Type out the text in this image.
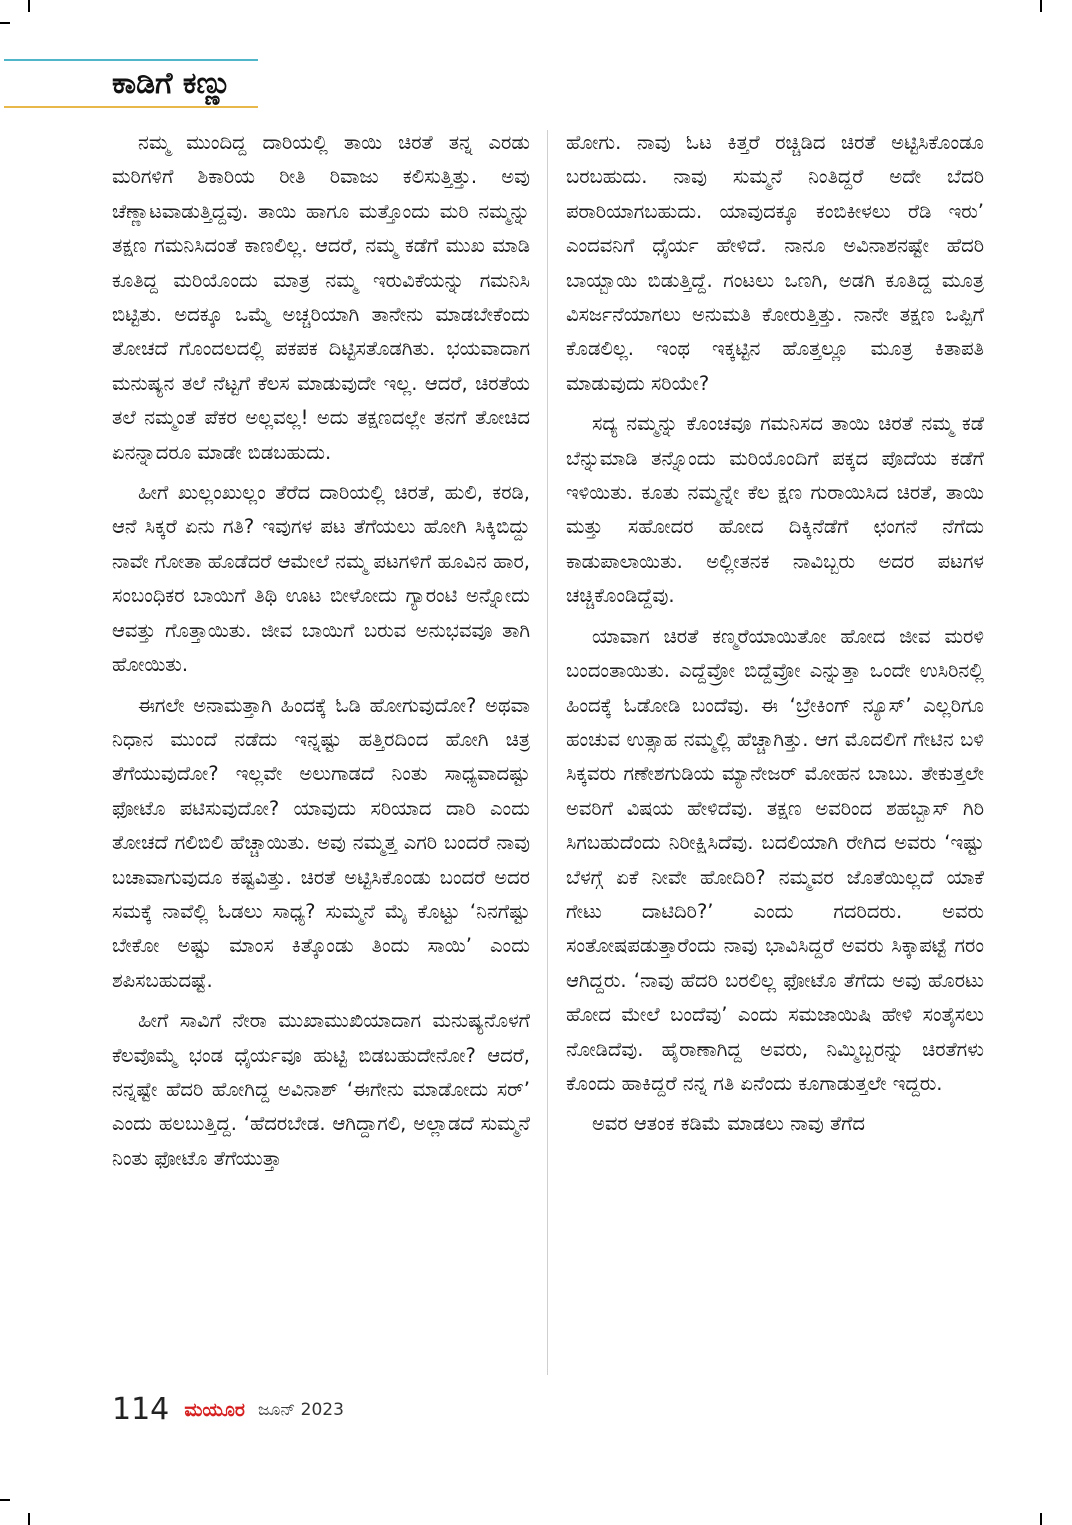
ಕಾಡಿಗೆ ಕಣ್ಣು

ನಮ್ಮ ಮುಂದಿದ್ದ ದಾರಿಯಲ್ಲಿ ತಾಯಿ ಚಿರತೆ ತನ್ನ ಎರಡು ಮರಿಗಳಿಗೆ ಶಿಕಾರಿಯ ರೀತಿ ರಿವಾಜು ಕಲಿಸುತ್ತಿತ್ತು. ಅವು ಚೆಣ್ಣಾಟವಾಡುತ್ತಿದ್ದವು. ತಾಯಿ ಹಾಗೂ ಮತ್ತೊಂದು ಮರಿ ನಮ್ಮನ್ನು ತಕ್ಷಣ ಗಮನಿಸಿದಂತೆ ಕಾಣಲಿಲ್ಲ. ಆದರೆ, ನಮ್ಮ ಕಡೆಗೆ ಮುಖ ಮಾಡಿ ಕೂತಿದ್ದ ಮರಿಯೊಂದು ಮಾತ್ರ ನಮ್ಮ ಇರುವಿಕೆಯನ್ನು ಗಮನಿಸಿ ಬಿಟ್ಟಿತು. ಅದಕ್ಕೂ ಒಮ್ಮೆ ಅಚ್ಚರಿಯಾಗಿ ತಾನೇನು ಮಾಡಬೇಕೆಂದು ತೋಚದೆ ಗೊಂದಲದಲ್ಲಿ ಪಕಪಕ ದಿಟ್ಟಿಸತೊಡಗಿತು. ಭಯವಾದಾಗ ಮನುಷ್ಯನ ತಲೆ ನೆಟ್ಟಗೆ ಕೆಲಸ ಮಾಡುವುದೇ ಇಲ್ಲ. ಆದರೆ, ಚಿರತೆಯ ತಲೆ ನಮ್ಮಂತೆ ಪೆಕರ ಅಲ್ಲವಲ್ಲ! ಅದು ತಕ್ಷಣದಲ್ಲೇ ತನಗೆ ತೋಚಿದ ಏನನ್ನಾದರೂ ಮಾಡೇ ಬಿಡಬಹುದು.

ಹೀಗೆ ಖುಲ್ಲಂಖುಲ್ಲಂ ತೆರೆದ ದಾರಿಯಲ್ಲಿ ಚಿರತೆ, ಹುಲಿ, ಕರಡಿ, ಆನೆ ಸಿಕ್ಕರೆ ಏನು ಗತಿ? ಇವುಗಳ ಪಟ ತೆಗೆಯಲು ಹೋಗಿ ಸಿಕ್ಕಿಬಿದ್ದು ನಾವೇ ಗೋತಾ ಹೊಡೆದರೆ ಆಮೇಲೆ ನಮ್ಮ ಪಟಗಳಿಗೆ ಹೂವಿನ ಹಾರ, ಸಂಬಂಧಿಕರ ಬಾಯಿಗೆ ತಿಥಿ ಊಟ ಬೀಳೋದು ಗ್ಯಾರಂಟಿ ಅನ್ನೋದು ಆವತ್ತು ಗೊತ್ತಾಯಿತು. ಜೀವ ಬಾಯಿಗೆ ಬರುವ ಅನುಭವವೂ ತಾಗಿ ಹೋಯಿತು.

ಈಗಲೇ ಅನಾಮತ್ತಾಗಿ ಹಿಂದಕ್ಕೆ ಓಡಿ ಹೋಗುವುದೋ? ಅಥವಾ ನಿಧಾನ ಮುಂದೆ ನಡೆದು ಇನ್ನಷ್ಟು ಹತ್ತಿರದಿಂದ ಹೋಗಿ ಚಿತ್ರ ತೆಗೆಯುವುದೋ? ಇಲ್ಲವೇ ಅಲುಗಾಡದೆ ನಿಂತು ಸಾಧ್ಯವಾದಷ್ಟು ಫೋಟೊ ಪಟಿಸುವುದೋ? ಯಾವುದು ಸರಿಯಾದ ದಾರಿ ಎಂದು ತೋಚದೆ ಗಲಿಬಿಲಿ ಹೆಚ್ಚಾಯಿತು. ಅವು ನಮ್ಮತ್ತ ಎಗರಿ ಬಂದರೆ ನಾವು ಬಚಾವಾಗುವುದೂ ಕಷ್ಟವಿತ್ತು. ಚಿರತೆ ಅಟ್ಟಿಸಿಕೊಂಡು ಬಂದರೆ ಅದರ ಸಮಕ್ಕೆ ನಾವೆಲ್ಲಿ ಓಡಲು ಸಾಧ್ಯ? ಸುಮ್ಮನೆ ಮೈ ಕೊಟ್ಟು ‘ನಿನಗೆಷ್ಟು ಬೇಕೋ ಅಷ್ಟು ಮಾಂಸ ಕಿತ್ಕೊಂಡು ತಿಂದು ಸಾಯಿ’ ಎಂದು ಶಪಿಸಬಹುದಷ್ಟೆ.

ಹೀಗೆ ಸಾವಿಗೆ ನೇರಾ ಮುಖಾಮುಖಿಯಾದಾಗ ಮನುಷ್ಯನೊಳಗೆ ಕೆಲವೊಮ್ಮೆ ಭಂಡ ಧೈರ್ಯವೂ ಹುಟ್ಟಿ ಬಿಡಬಹುದೇನೋ? ಆದರೆ, ನನ್ನಷ್ಟೇ ಹೆದರಿ ಹೋಗಿದ್ದ ಅವಿನಾಶ್ ‘ಈಗೇನು ಮಾಡೋದು ಸರ್’ ಎಂದು ಹಲಬುತ್ತಿದ್ದ. ‘ಹೆದರಬೇಡ. ಆಗಿದ್ದಾಗಲಿ, ಅಲ್ಲಾಡದೆ ಸುಮ್ಮನೆ ನಿಂತು ಫೋಟೊ ತೆಗೆಯುತ್ತಾ

ಹೋಗು. ನಾವು ಓಟ ಕಿತ್ತರೆ ರಚ್ಚಿಡಿದ ಚಿರತೆ ಅಟ್ಟಿಸಿಕೊಂಡೂ ಬರಬಹುದು. ನಾವು ಸುಮ್ಮನೆ ನಿಂತಿದ್ದರೆ ಅದೇ ಬೆದರಿ ಪರಾರಿಯಾಗಬಹುದು. ಯಾವುದಕ್ಕೂ ಕಂಬಿಕೀಳಲು ರೆಡಿ ಇರು’ ಎಂದವನಿಗೆ ಧೈರ್ಯ ಹೇಳಿದೆ. ನಾನೂ ಅವಿನಾಶನಷ್ಟೇ ಹೆದರಿ ಬಾಯ್ಬಾಯಿ ಬಿಡುತ್ತಿದ್ದೆ. ಗಂಟಲು ಒಣಗಿ, ಅಡಗಿ ಕೂತಿದ್ದ ಮೂತ್ರ ವಿಸರ್ಜನೆಯಾಗಲು ಅನುಮತಿ ಕೋರುತ್ತಿತ್ತು. ನಾನೇ ತಕ್ಷಣ ಒಪ್ಪಿಗೆ ಕೊಡಲಿಲ್ಲ. ಇಂಥ ಇಕ್ಕಟ್ಟಿನ ಹೊತ್ತಲ್ಲೂ ಮೂತ್ರ ಕಿತಾಪತಿ ಮಾಡುವುದು ಸರಿಯೇ?

ಸದ್ಯ ನಮ್ಮನ್ನು ಕೊಂಚವೂ ಗಮನಿಸದ ತಾಯಿ ಚಿರತೆ ನಮ್ಮ ಕಡೆ ಬೆನ್ನುಮಾಡಿ ತನ್ನೊಂದು ಮರಿಯೊಂದಿಗೆ ಪಕ್ಕದ ಪೊದೆಯ ಕಡೆಗೆ ಇಳಿಯಿತು. ಕೂತು ನಮ್ಮನ್ನೇ ಕೆಲ ಕ್ಷಣ ಗುರಾಯಿಸಿದ ಚಿರತೆ, ತಾಯಿ ಮತ್ತು ಸಹೋದರ ಹೋದ ದಿಕ್ಕಿನೆಡೆಗೆ ಛಂಗನೆ ನೆಗೆದು ಕಾಡುಪಾಲಾಯಿತು. ಅಲ್ಲೀತನಕ ನಾವಿಬ್ಬರು ಅದರ ಪಟಗಳ ಚಚ್ಚಿಕೊಂಡಿದ್ದೆವು.

ಯಾವಾಗ ಚಿರತೆ ಕಣ್ಮರೆಯಾಯಿತೋ ಹೋದ ಜೀವ ಮರಳಿ ಬಂದಂತಾಯಿತು. ಎದ್ದೆವ್ರೋ ಬಿದ್ದೆವ್ರೋ ಎನ್ನುತ್ತಾ ಒಂದೇ ಉಸಿರಿನಲ್ಲಿ ಹಿಂದಕ್ಕೆ ಓಡೋಡಿ ಬಂದೆವು. ಈ ‘ಬ್ರೇಕಿಂಗ್ ನ್ಯೂಸ್’ ಎಲ್ಲರಿಗೂ ಹಂಚುವ ಉತ್ಸಾಹ ನಮ್ಮಲ್ಲಿ ಹೆಚ್ಚಾಗಿತ್ತು. ಆಗ ಮೊದಲಿಗೆ ಗೇಟಿನ ಬಳಿ ಸಿಕ್ಕವರು ಗಣೇಶಗುಡಿಯ ಮ್ಯಾನೇಜರ್ ಮೋಹನ ಬಾಬು. ತೇಕುತ್ತಲೇ ಅವರಿಗೆ ವಿಷಯ ಹೇಳಿದೆವು. ತಕ್ಷಣ ಅವರಿಂದ ಶಹಬ್ಬಾಸ್ ಗಿರಿ ಸಿಗಬಹುದೆಂದು ನಿರೀಕ್ಷಿಸಿದೆವು. ಬದಲಿಯಾಗಿ ರೇಗಿದ ಅವರು ‘ಇಷ್ಟು ಬೆಳಗ್ಗೆ ಏಕೆ ನೀವೇ ಹೋದಿರಿ? ನಮ್ಮವರ ಜೊತೆಯಿಲ್ಲದೆ ಯಾಕೆ ಗೇಟು ದಾಟಿದಿರಿ?’ ಎಂದು ಗದರಿದರು. ಅವರು ಸಂತೋಷಪಡುತ್ತಾರೆಂದು ನಾವು ಭಾವಿಸಿದ್ದರೆ ಅವರು ಸಿಕ್ಕಾಪಟ್ಟೆ ಗರಂ ಆಗಿದ್ದರು. ‘ನಾವು ಹೆದರಿ ಬರಲಿಲ್ಲ ಫೋಟೊ ತೆಗೆದು ಅವು ಹೊರಟು ಹೋದ ಮೇಲೆ ಬಂದೆವು’ ಎಂದು ಸಮಜಾಯಿಷಿ ಹೇಳಿ ಸಂತೈಸಲು ನೋಡಿದೆವು. ಹೈರಾಣಾಗಿದ್ದ ಅವರು, ನಿಮ್ಮಿಬ್ಬರನ್ನು ಚಿರತೆಗಳು ಕೊಂದು ಹಾಕಿದ್ದರೆ ನನ್ನ ಗತಿ ಏನೆಂದು ಕೂಗಾಡುತ್ತಲೇ ಇದ್ದರು.

ಅವರ ಆತಂಕ ಕಡಿಮೆ ಮಾಡಲು ನಾವು ತೆಗೆದ

114 ಮಯೂರ ಜೂನ್ 2023
